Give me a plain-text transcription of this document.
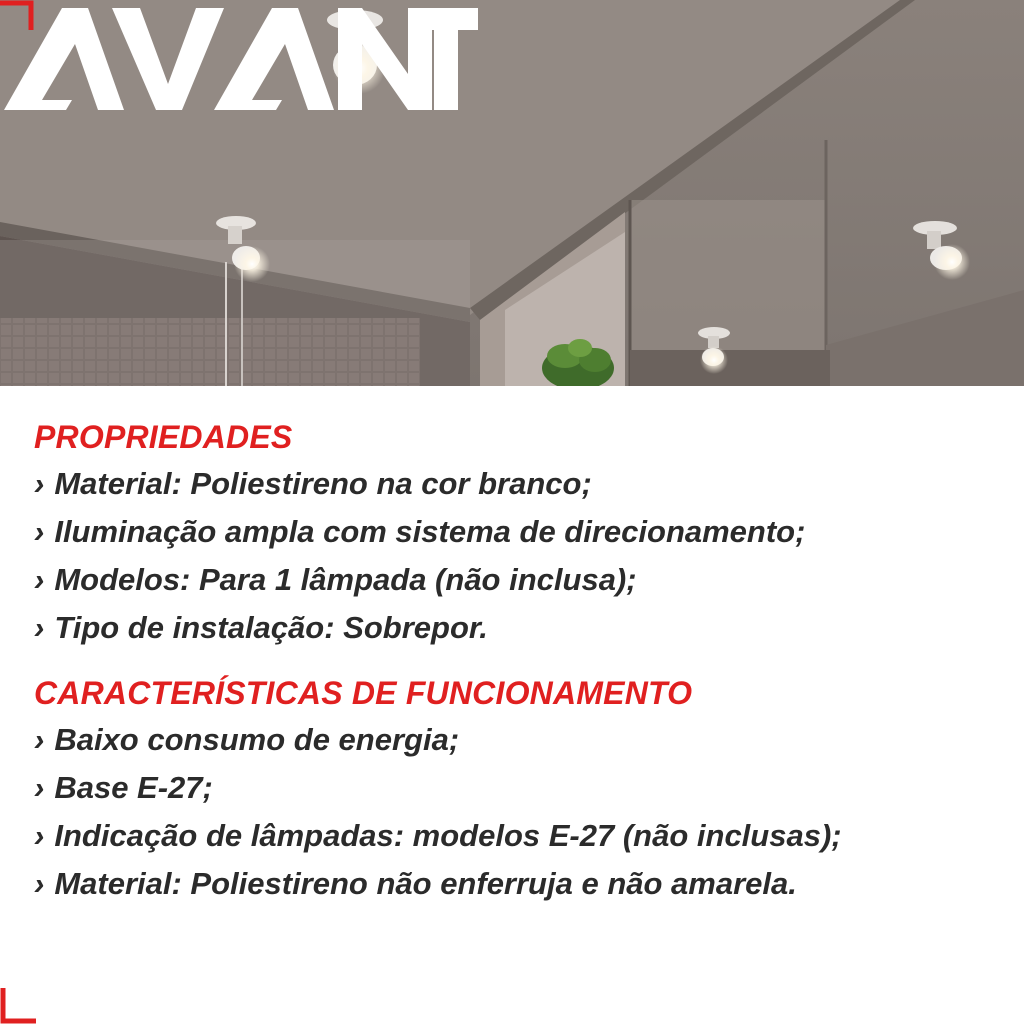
PROPRIEDADES

› Material: Poliestireno na cor branco;

› Iluminação ampla com sistema de direcionamento;

› Modelos: Para 1 lâmpada (não inclusa);

› Tipo de instalação: Sobrepor.

CARACTERÍSTICAS DE FUNCIONAMENTO

› Baixo consumo de energia;

› Base E-27;

› Indicação de lâmpadas: modelos E-27 (não inclusas);

› Material: Poliestireno não enferruja e não amarela.
